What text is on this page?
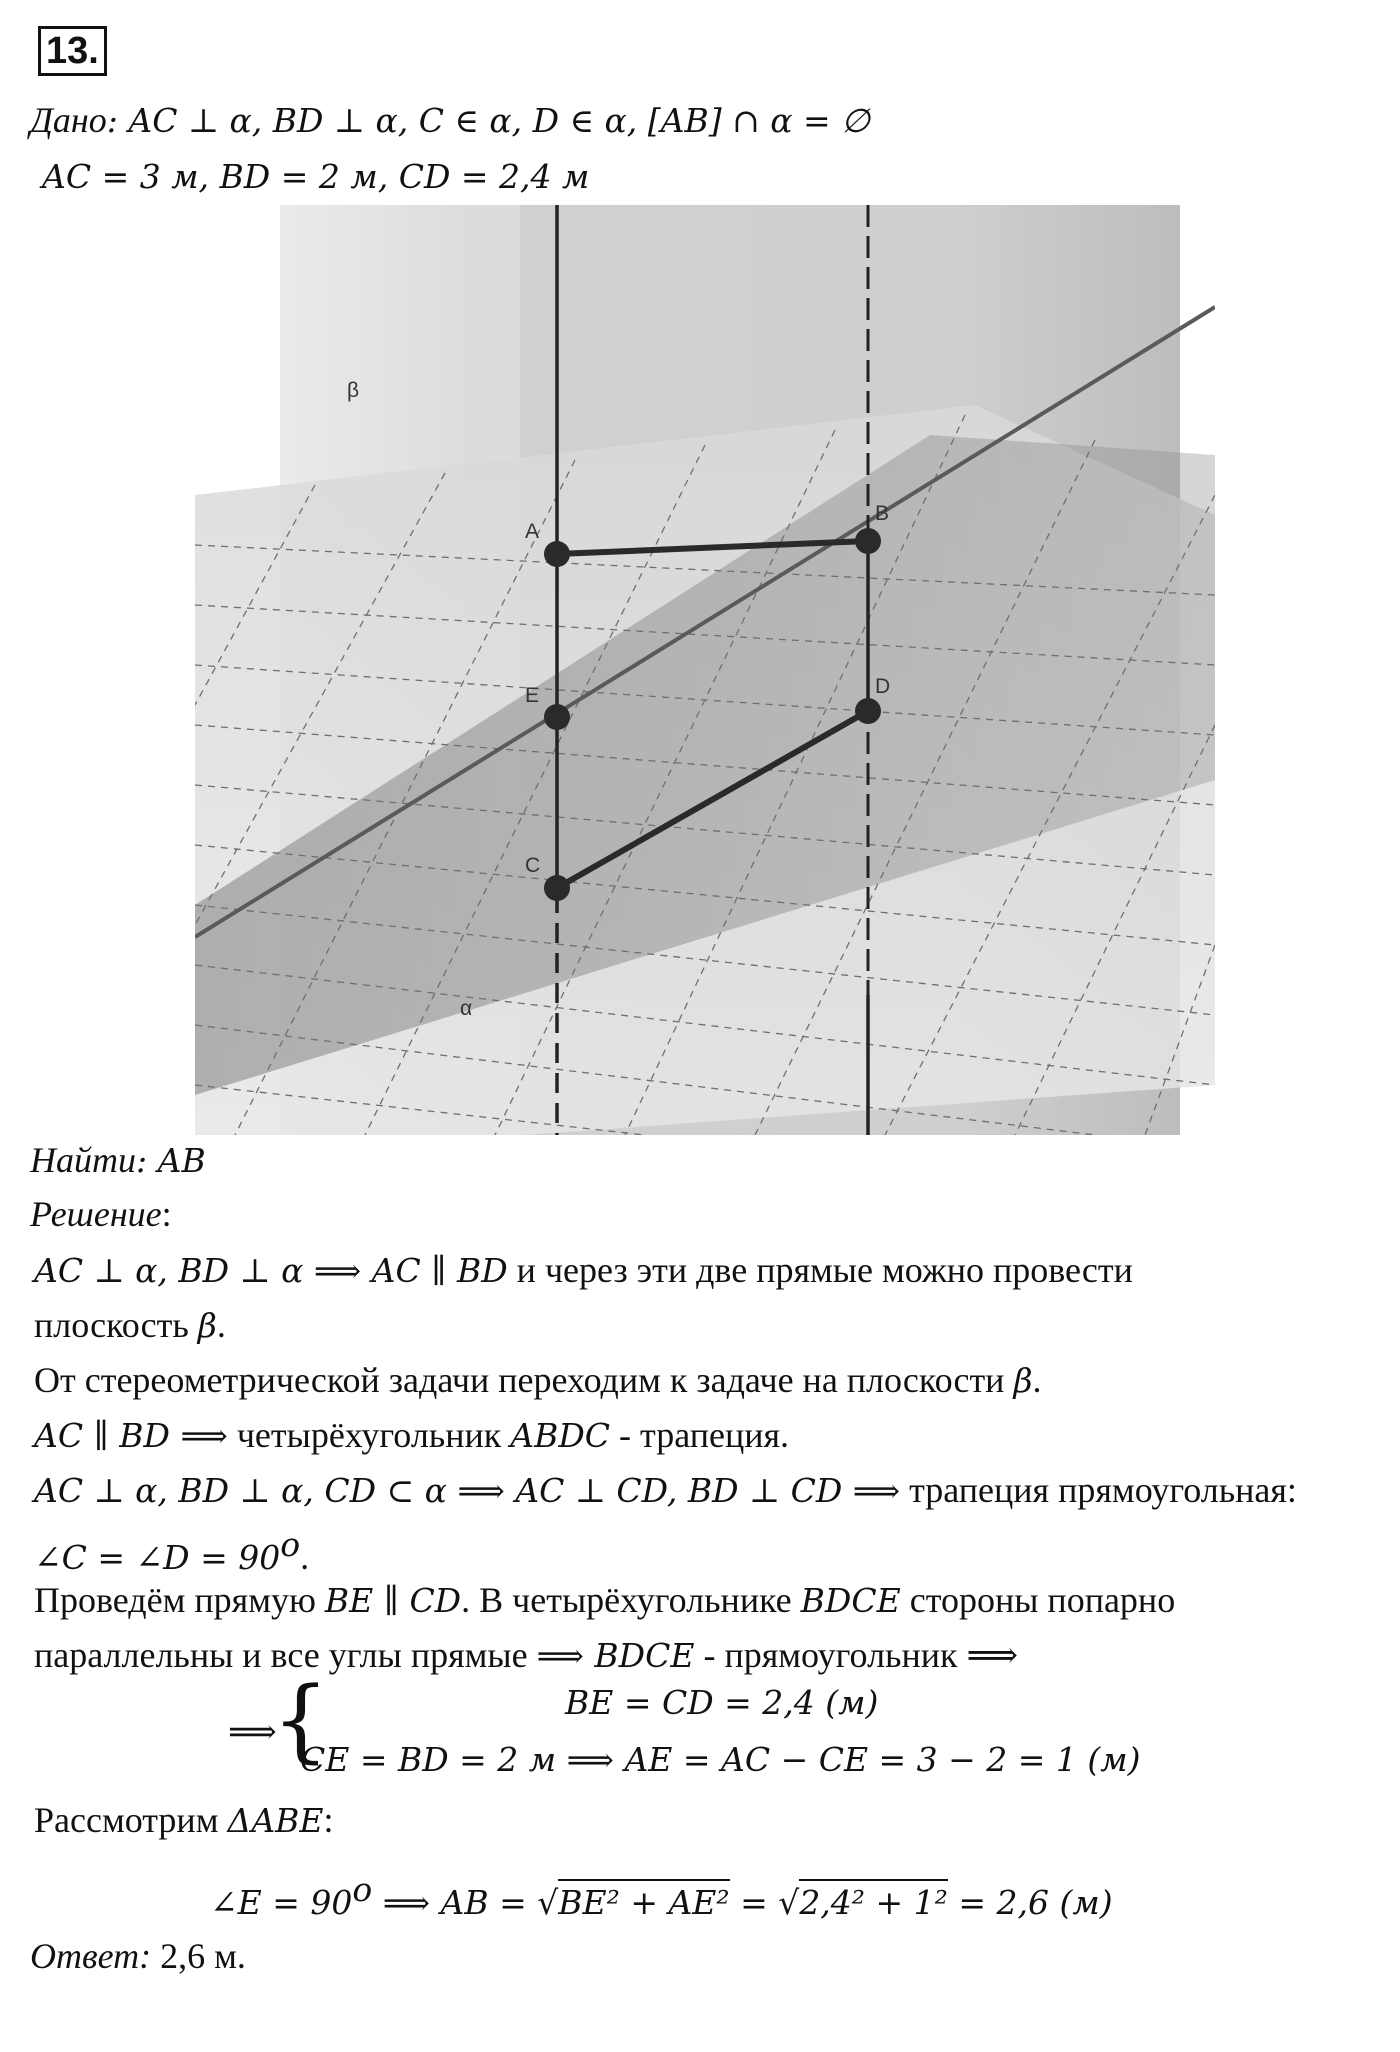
13.
Дано: AC ⊥ α, BD ⊥ α, C ∈ α, D ∈ α, [AB] ∩ α = ∅
AC = 3 м, BD = 2 м, CD = 2,4 м
β
α
A
B
E	D
C
Найти: AB
Решение:
AC ⊥ α, BD ⊥ α ⟹ AC ∥ BD и через эти две прямые можно провести
плоскость β.
От стереометрической задачи переходим к задаче на плоскости β.
AC ∥ BD ⟹ четырёхугольник ABDC - трапеция.
AC ⊥ α, BD ⊥ α, CD ⊂ α ⟹ AC ⊥ CD, BD ⊥ CD ⟹ трапеция прямоугольная:
∠C = ∠D = $90^o$.
Проведём прямую BE ∥ CD. В четырёхугольнике BDCE стороны попарно
параллельны и все углы прямые ⟹ BDCE - прямоугольник ⟹
⟹
{	BE = CD = 2,4 (м)
CE = BD = 2 м ⟹ AE = AC − CE = 3 − 2 = 1 (м)
Рассмотрим ΔABE:
∠E = $90^o$ ⟹ AB = √BE² + AE² = √2,4² + 1² = 2,6 (м)
Ответ: 2,6 м.
